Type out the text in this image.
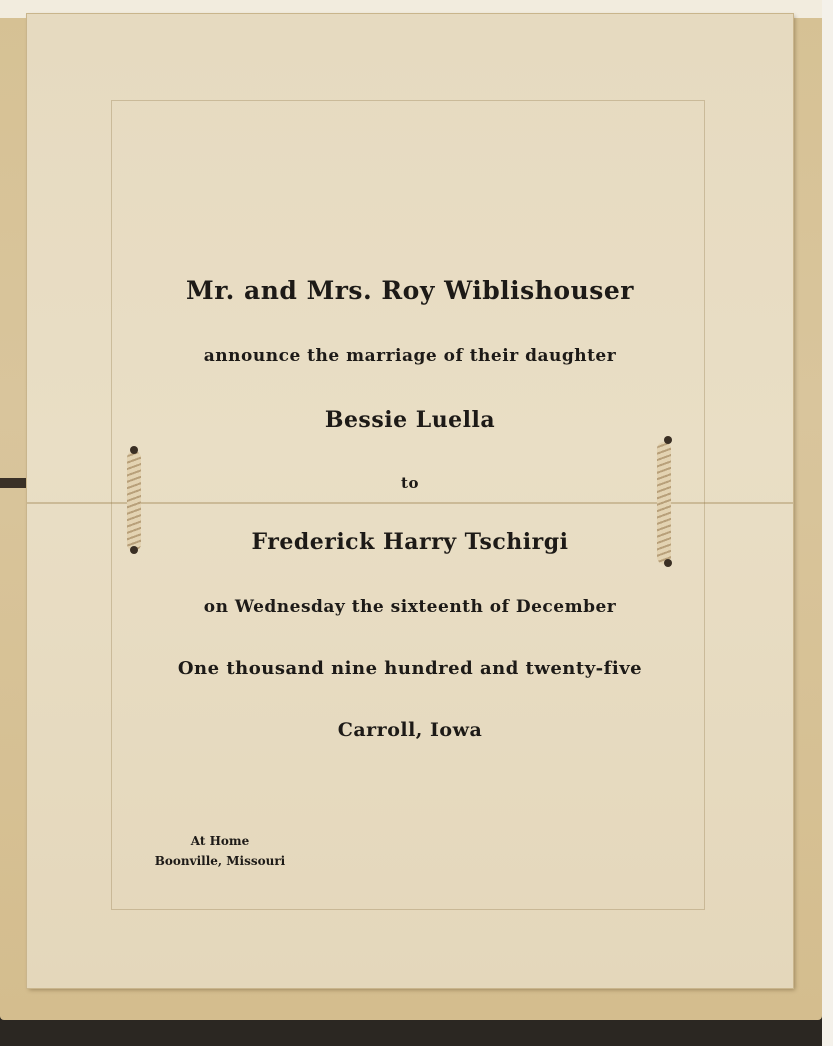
Mr. and Mrs. Roy Wiblishouser
announce the marriage of their daughter
Bessie Luella
to
Frederick Harry Tschirgi
on Wednesday the sixteenth of December
One thousand nine hundred and twenty-five
Carroll, Iowa
At Home
Boonville, Missouri
